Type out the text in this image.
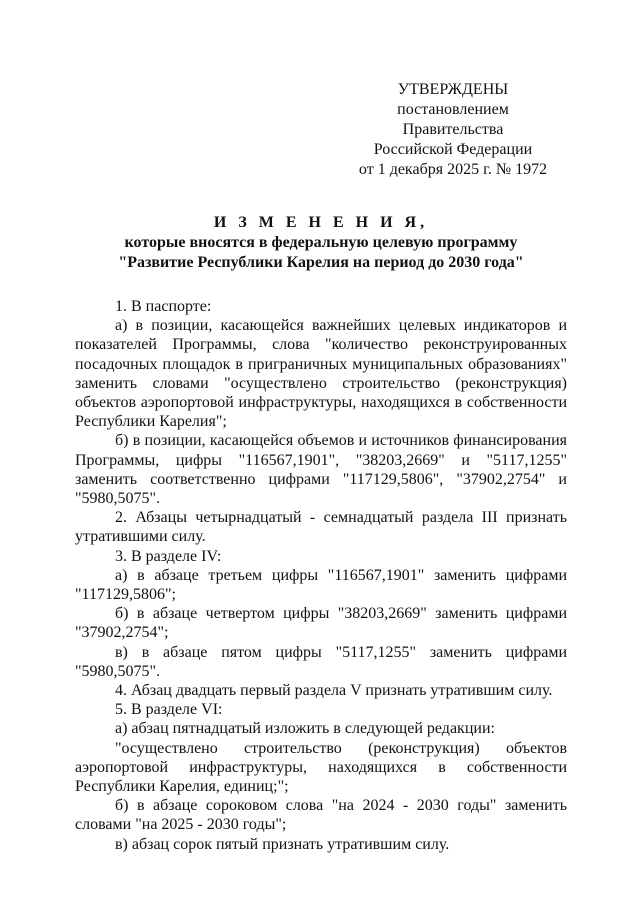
УТВЕРЖДЕНЫ
постановлением Правительства
Российской Федерации
от 1 декабря 2025 г. № 1972
И З М Е Н Е Н И Я,
которые вносятся в федеральную целевую программу
"Развитие Республики Карелия на период до 2030 года"

1. В паспорте:

а) в позиции, касающейся важнейших целевых индикаторов и показателей Программы, слова "количество реконструированных посадочных площадок в приграничных муниципальных образованиях" заменить словами "осуществлено строительство (реконструкция) объектов аэропортовой инфраструктуры, находящихся в собственности Республики Карелия";

б) в позиции, касающейся объемов и источников финансирования Программы, цифры "116567,1901", "38203,2669" и "5117,1255" заменить соответственно цифрами "117129,5806", "37902,2754" и "5980,5075".

2. Абзацы четырнадцатый - семнадцатый раздела III признать утратившими силу.

3. В разделе IV:

а) в абзаце третьем цифры "116567,1901" заменить цифрами "117129,5806";

б) в абзаце четвертом цифры "38203,2669" заменить цифрами "37902,2754";

в) в абзаце пятом цифры "5117,1255" заменить цифрами "5980,5075".

4. Абзац двадцать первый раздела V признать утратившим силу.

5. В разделе VI:

а) абзац пятнадцатый изложить в следующей редакции:

"осуществлено строительство (реконструкция) объектов аэропортовой инфраструктуры, находящихся в собственности Республики Карелия, единиц;";

б) в абзаце сороковом слова "на 2024 - 2030 годы" заменить словами "на 2025 - 2030 годы";

в) абзац сорок пятый признать утратившим силу.
